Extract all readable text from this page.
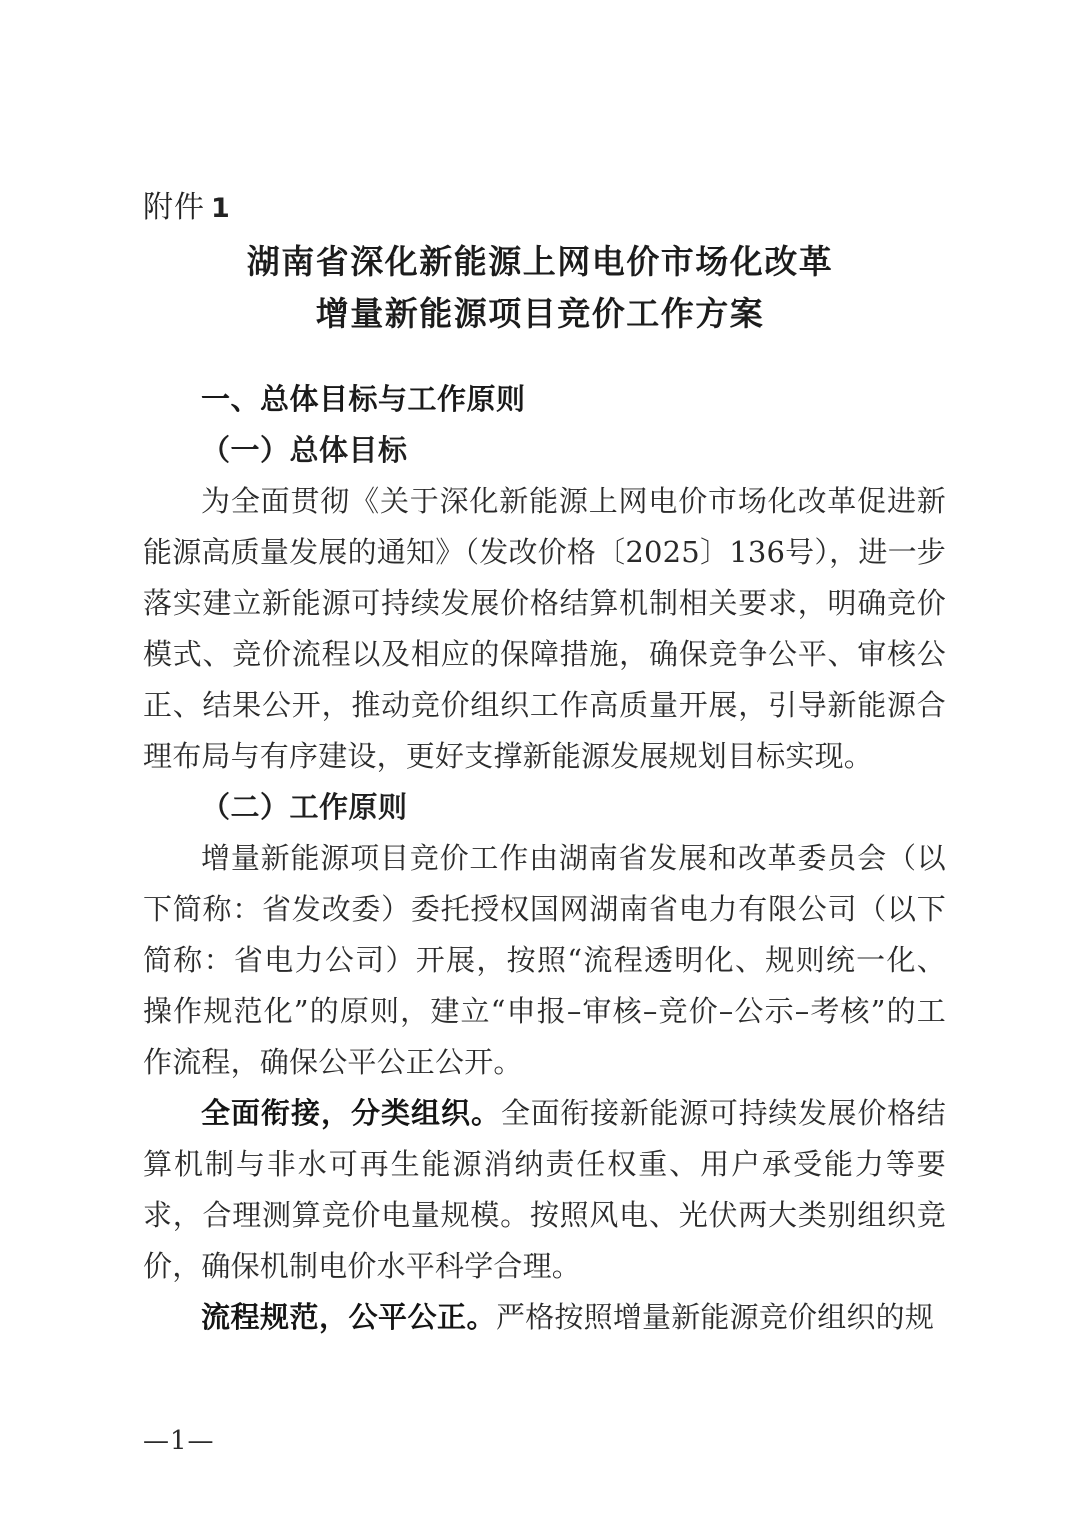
附件 1
湖南省深化新能源上网电价市场化改革
增量新能源项目竞价工作方案

一、总体目标与工作原则

（一）总体目标

为全面贯彻《关于深化新能源上网电价市场化改革促进新能源高质量发展的通知》（发改价格〔2025〕136号），进一步落实建立新能源可持续发展价格结算机制相关要求，明确竞价模式、竞价流程以及相应的保障措施，确保竞争公平、审核公正、结果公开，推动竞价组织工作高质量开展，引导新能源合理布局与有序建设，更好支撑新能源发展规划目标实现。

（二）工作原则

增量新能源项目竞价工作由湖南省发展和改革委员会（以下简称：省发改委）委托授权国网湖南省电力有限公司（以下简称：省电力公司）开展，按照“流程透明化、规则统一化、操作规范化”的原则，建立“申报–审核–竞价–公示–考核”的工作流程，确保公平公正公开。

全面衔接，分类组织。全面衔接新能源可持续发展价格结算机制与非水可再生能源消纳责任权重、用户承受能力等要求，合理测算竞价电量规模。按照风电、光伏两大类别组织竞价，确保机制电价水平科学合理。

流程规范，公平公正。严格按照增量新能源竞价组织的规

—1—
